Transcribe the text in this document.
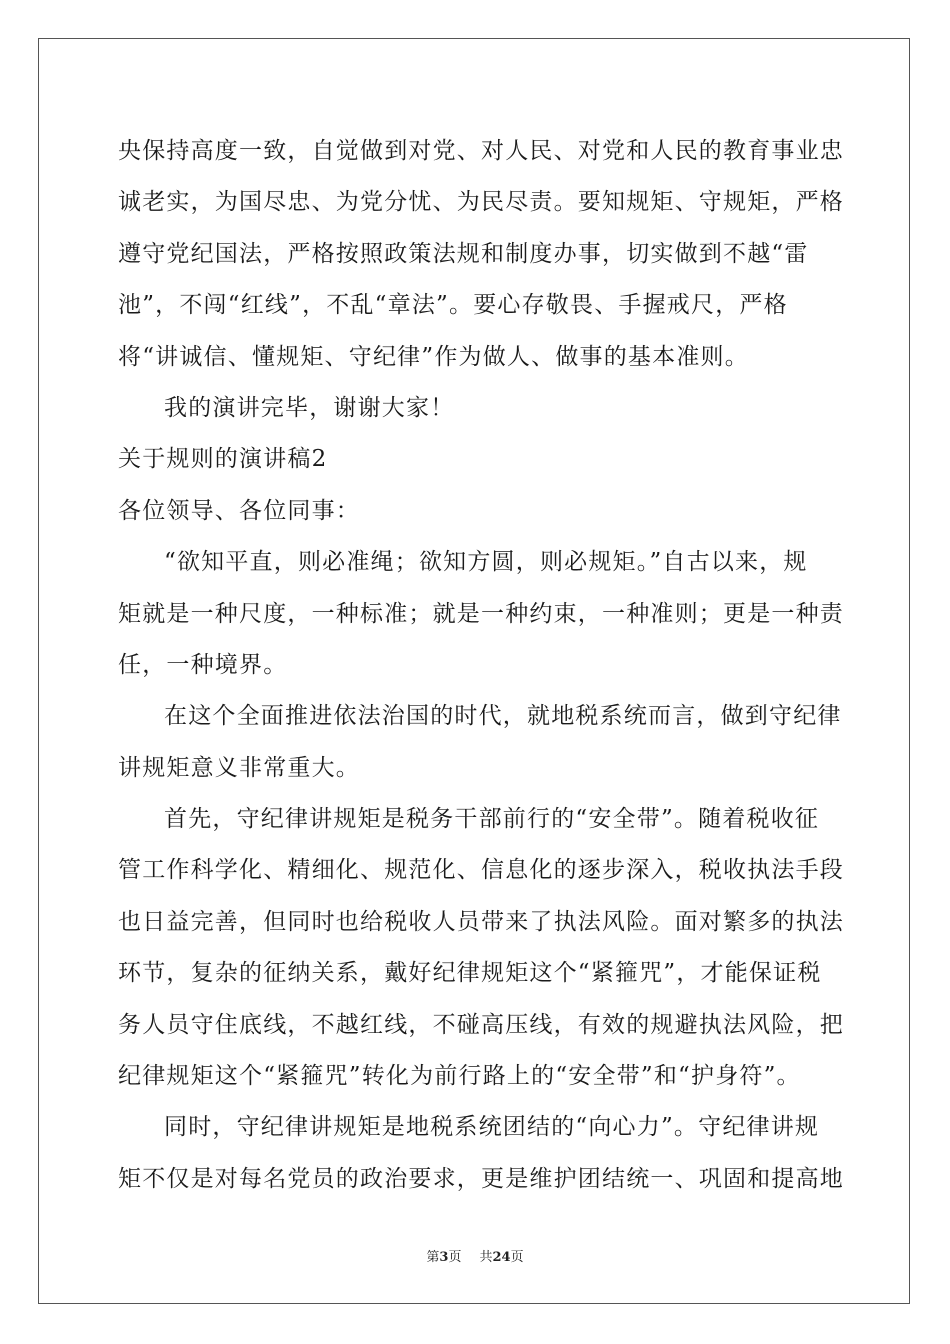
央保持高度一致，自觉做到对党、对人民、对党和人民的教育事业忠
诚老实，为国尽忠、为党分忧、为民尽责。要知规矩、守规矩，严格
遵守党纪国法，严格按照政策法规和制度办事，切实做到不越“雷
池”，不闯“红线”，不乱“章法”。要心存敬畏、手握戒尺，严格
将“讲诚信、懂规矩、守纪律”作为做人、做事的基本准则。
我的演讲完毕，谢谢大家！
关于规则的演讲稿2
各位领导、各位同事：
“欲知平直，则必准绳；欲知方圆，则必规矩。”自古以来，规
矩就是一种尺度，一种标准；就是一种约束，一种准则；更是一种责
任，一种境界。
在这个全面推进依法治国的时代，就地税系统而言，做到守纪律
讲规矩意义非常重大。
首先，守纪律讲规矩是税务干部前行的“安全带”。随着税收征
管工作科学化、精细化、规范化、信息化的逐步深入，税收执法手段
也日益完善，但同时也给税收人员带来了执法风险。面对繁多的执法
环节，复杂的征纳关系，戴好纪律规矩这个“紧箍咒”，才能保证税
务人员守住底线，不越红线，不碰高压线，有效的规避执法风险，把
纪律规矩这个“紧箍咒”转化为前行路上的“安全带”和“护身符”。
同时，守纪律讲规矩是地税系统团结的“向心力”。守纪律讲规
矩不仅是对每名党员的政治要求，更是维护团结统一、巩固和提高地
第3页 共24页
